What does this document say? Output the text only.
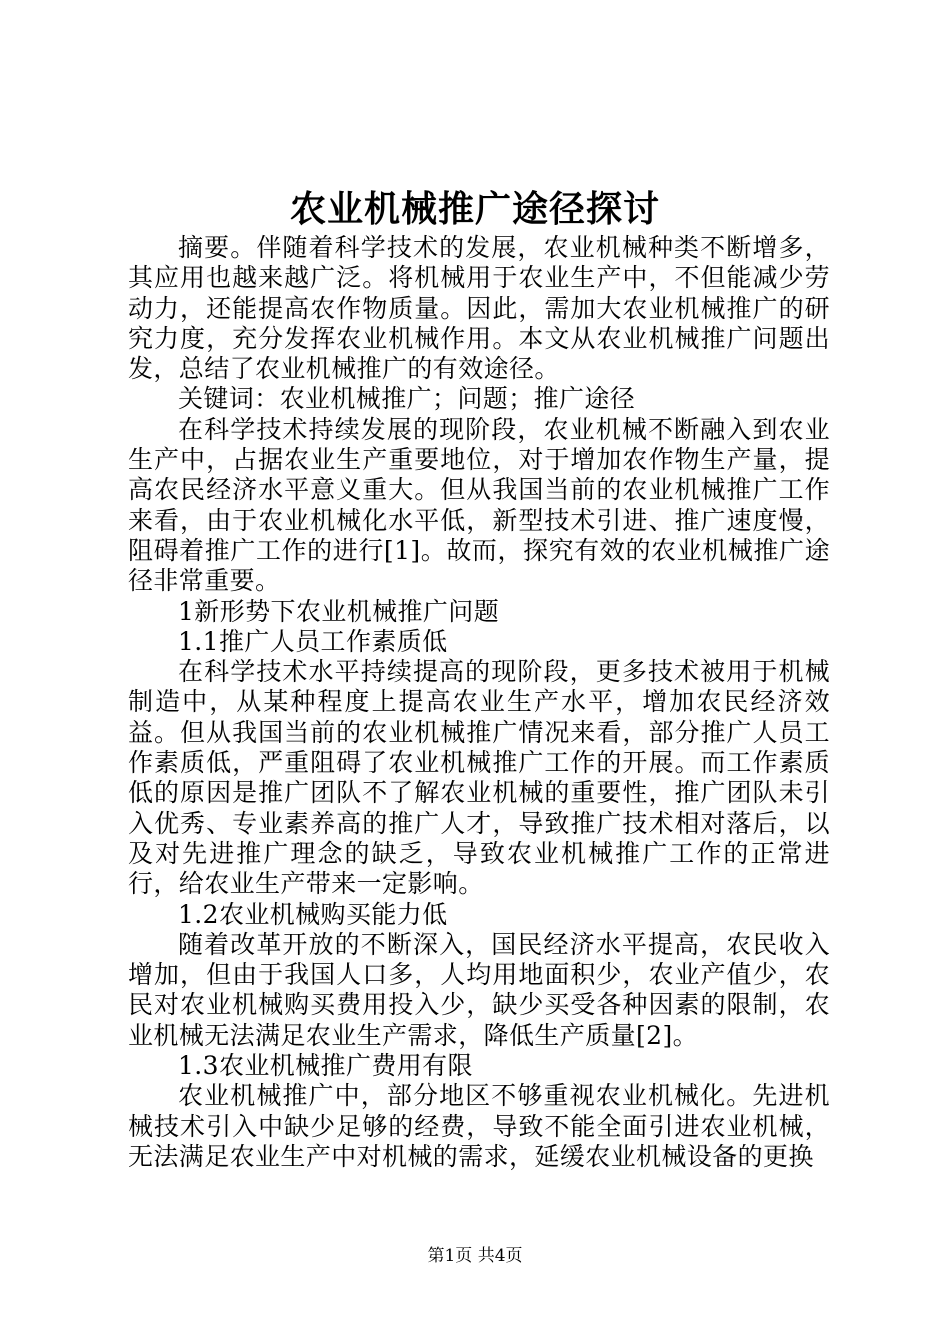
农业机械推广途径探讨

摘要。伴随着科学技术的发展，农业机械种类不断增多，其应用也越来越广泛。将机械用于农业生产中，不但能减少劳动力，还能提高农作物质量。因此，需加大农业机械推广的研究力度，充分发挥农业机械作用。本文从农业机械推广问题出发，总结了农业机械推广的有效途径。

关键词：农业机械推广；问题；推广途径

在科学技术持续发展的现阶段，农业机械不断融入到农业生产中，占据农业生产重要地位，对于增加农作物生产量，提高农民经济水平意义重大。但从我国当前的农业机械推广工作来看，由于农业机械化水平低，新型技术引进、推广速度慢，阻碍着推广工作的进行[1]。故而，探究有效的农业机械推广途径非常重要。

1新形势下农业机械推广问题

1.1推广人员工作素质低

在科学技术水平持续提高的现阶段，更多技术被用于机械制造中，从某种程度上提高农业生产水平，增加农民经济效益。但从我国当前的农业机械推广情况来看，部分推广人员工作素质低，严重阻碍了农业机械推广工作的开展。而工作素质低的原因是推广团队不了解农业机械的重要性，推广团队未引入优秀、专业素养高的推广人才，导致推广技术相对落后，以及对先进推广理念的缺乏，导致农业机械推广工作的正常进行，给农业生产带来一定影响。

1.2农业机械购买能力低

随着改革开放的不断深入，国民经济水平提高，农民收入增加，但由于我国人口多，人均用地面积少，农业产值少，农民对农业机械购买费用投入少，缺少买受各种因素的限制，农业机械无法满足农业生产需求，降低生产质量[2]。

1.3农业机械推广费用有限

农业机械推广中，部分地区不够重视农业机械化。先进机械技术引入中缺少足够的经费，导致不能全面引进农业机械，无法满足农业生产中对机械的需求，延缓农业机械设备的更换

第1页 共4页
